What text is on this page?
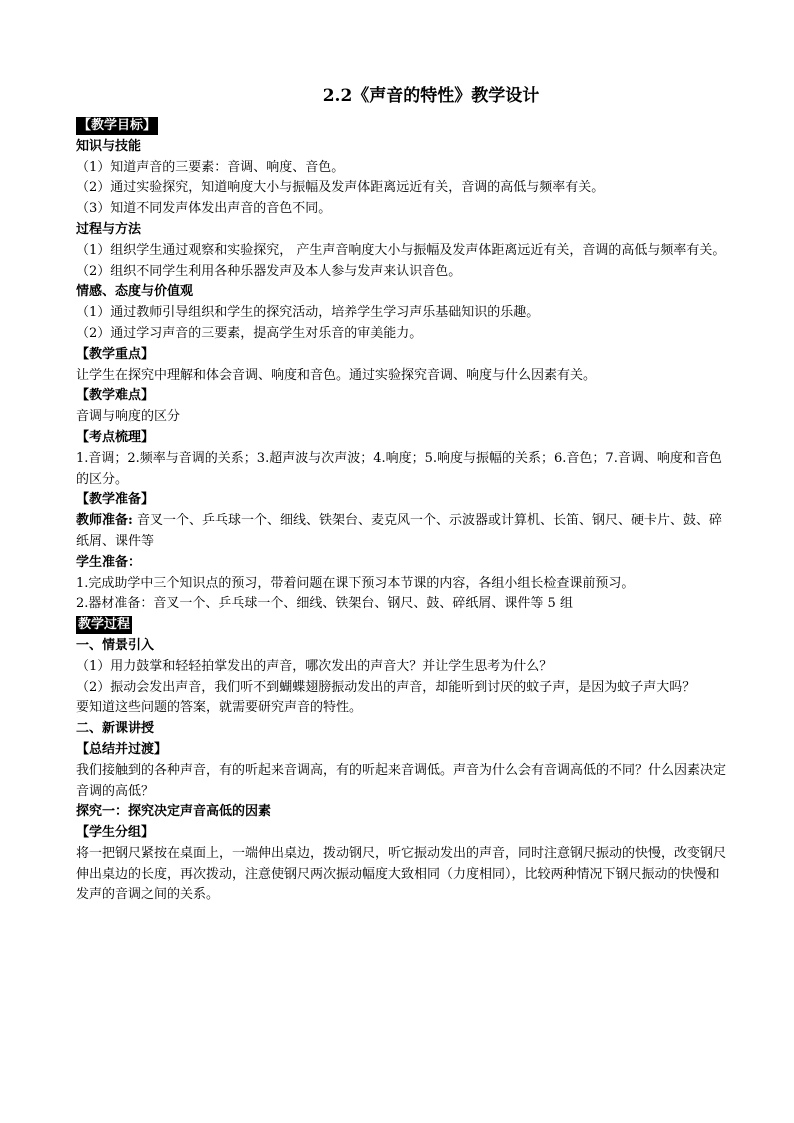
2.2《声音的特性》教学设计

【教学目标】

知识与技能

（1）知道声音的三要素：音调、响度、音色。

（2）通过实验探究，知道响度大小与振幅及发声体距离远近有关，音调的高低与频率有关。

（3）知道不同发声体发出声音的音色不同。

过程与方法

（1）组织学生通过观察和实验探究， 产生声音响度大小与振幅及发声体距离远近有关，音调的高低与频率有关。

（2）组织不同学生利用各种乐器发声及本人参与发声来认识音色。

情感、态度与价值观

（1）通过教师引导组织和学生的探究活动，培养学生学习声乐基础知识的乐趣。

（2）通过学习声音的三要素，提高学生对乐音的审美能力。

【教学重点】

让学生在探究中理解和体会音调、响度和音色。通过实验探究音调、响度与什么因素有关。

【教学难点】

音调与响度的区分

【考点梳理】

1.音调；2.频率与音调的关系；3.超声波与次声波；4.响度；5.响度与振幅的关系；6.音色；7.音调、响度和音色的区分。

【教学准备】

教师准备: 音叉一个、乒乓球一个、细线、铁架台、麦克风一个、示波器或计算机、长笛、钢尺、硬卡片、鼓、碎纸屑、课件等

学生准备：

1.完成助学中三个知识点的预习，带着问题在课下预习本节课的内容，各组小组长检查课前预习。

2.器材准备：音叉一个、乒乓球一个、细线、铁架台、钢尺、鼓、碎纸屑、课件等 5 组

教学过程

一、情景引入

（1）用力鼓掌和轻轻拍掌发出的声音，哪次发出的声音大？并让学生思考为什么？

（2）振动会发出声音，我们听不到蝴蝶翅膀振动发出的声音，却能听到讨厌的蚊子声，是因为蚊子声大吗？

要知道这些问题的答案，就需要研究声音的特性。

二、新课讲授

【总结并过渡】

我们接触到的各种声音，有的听起来音调高，有的听起来音调低。声音为什么会有音调高低的不同？什么因素决定音调的高低？

探究一：探究决定声音高低的因素

【学生分组】

将一把钢尺紧按在桌面上，一端伸出桌边，拨动钢尺，听它振动发出的声音，同时注意钢尺振动的快慢，改变钢尺伸出桌边的长度，再次拨动，注意使钢尺两次振动幅度大致相同（力度相同），比较两种情况下钢尺振动的快慢和发声的音调之间的关系。
